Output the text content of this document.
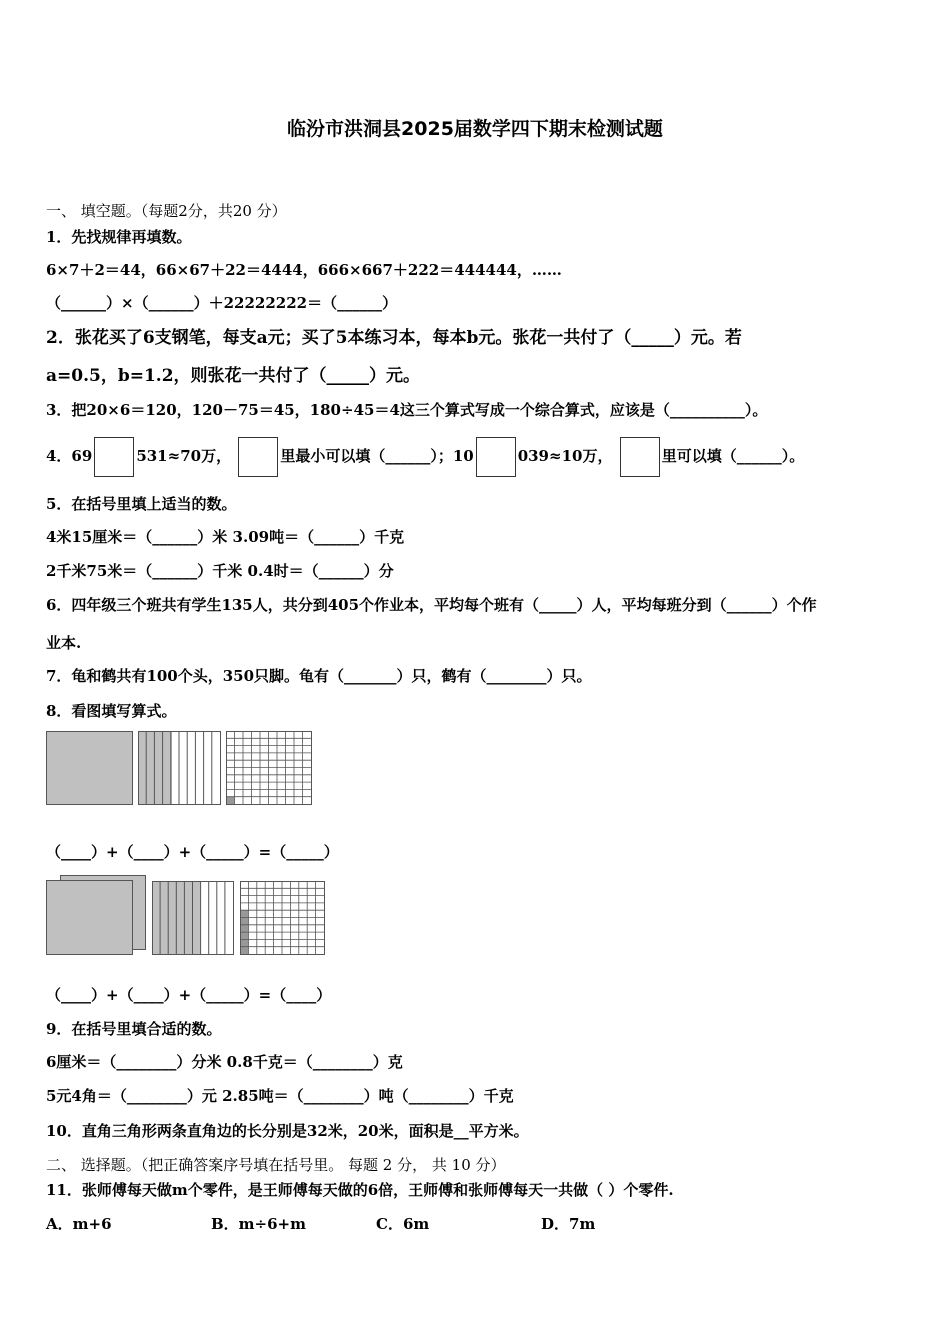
临汾市洪洞县2025届数学四下期末检测试题
一、 填空题。（每题2分，共20 分）
1．先找规律再填数。
6×7＋2＝44，66×67＋22＝4444，666×667＋222＝444444，……
（______）×（______）＋22222222＝（______）
2．张花买了6支钢笔，每支a元；买了5本练习本，每本b元。张花一共付了（_____）元。若
a=0.5，b=1.2，则张花一共付了（_____）元。
3．把20×6＝120，120－75＝45，180÷45＝4这三个算式写成一个综合算式，应该是（__________）。
4．69	531≈70万，	里最小可以填（______）；10	039≈10万，	里可以填（______）。
5．在括号里填上适当的数。
4米15厘米＝（______）米 3.09吨＝（______）千克
2千米75米＝（______）千米 0.4时＝（______）分
6．四年级三个班共有学生135人，共分到405个作业本，平均每个班有（_____）人，平均每班分到（______）个作
业本.
7．龟和鹤共有100个头，350只脚。龟有（_______）只，鹤有（________）只。
8．看图填写算式。
（____）+（____）+（_____）=（_____）
（____）+（____）+（_____）=（____）
9．在括号里填合适的数。
6厘米＝（________）分米 0.8千克＝（________）克
5元4角＝（________）元 2.85吨＝（________）吨（________）千克
10．直角三角形两条直角边的长分别是32米，20米，面积是__平方米。
二、 选择题。（把正确答案序号填在括号里。 每题 2 分， 共 10 分）
11．张师傅每天做m个零件，是王师傅每天做的6倍，王师傅和张师傅每天一共做（ ）个零件.
A．m+6	B．m÷6+m	C．6m	D．7m
